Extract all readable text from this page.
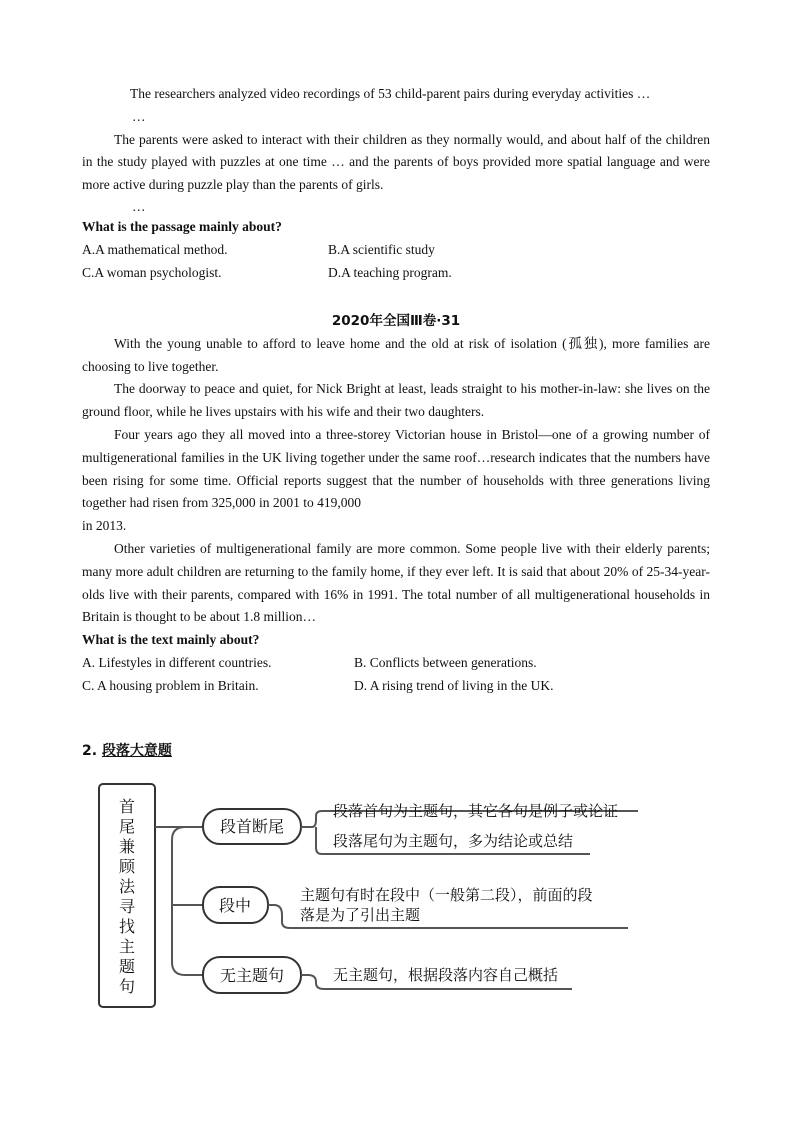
The researchers analyzed video recordings of 53 child-parent pairs during everyday activities …

…

The parents were asked to interact with their children as they normally would, and about half of the children in the study played with puzzles at one time … and the parents of boys provided more spatial language and were more active during puzzle play than the parents of girls.

…

What is the passage mainly about?

A.A mathematical method.	B.A scientific study
C.A woman psychologist.	D.A teaching program.

2020年全国Ⅲ卷·31

With the young unable to afford to leave home and the old at risk of isolation (孤独), more families are choosing to live together.

The doorway to peace and quiet, for Nick Bright at least, leads straight to his mother-in-law: she lives on the ground floor, while he lives upstairs with his wife and their two daughters.

Four years ago they all moved into a three-storey Victorian house in Bristol—one of a growing number of multigenerational families in the UK living together under the same roof…research indicates that the numbers have been rising for some time. Official reports suggest that the number of households with three generations living together had risen from 325,000 in 2001 to 419,000

in 2013.

Other varieties of multigenerational family are more common. Some people live with their elderly parents; many more adult children are returning to the family home, if they ever left. It is said that about 20% of 25-34-year-olds live with their parents, compared with 16% in 1991. The total number of all multigenerational households in Britain is thought to be about 1.8 million…

What is the text mainly about?

A. Lifestyles in different countries.	B. Conflicts between generations.
C. A housing problem in Britain.	D. A rising trend of living in the UK.

2. 段落大意题

首
尾
兼
顾
法
寻
找
主
题
句
段首断尾
段落首句为主题句，其它各句是例子或论证
段落尾句为主题句，多为结论或总结
段中
主题句有时在段中（一般第二段），前面的段
落是为了引出主题
无主题句	无主题句，根据段落内容自己概括
